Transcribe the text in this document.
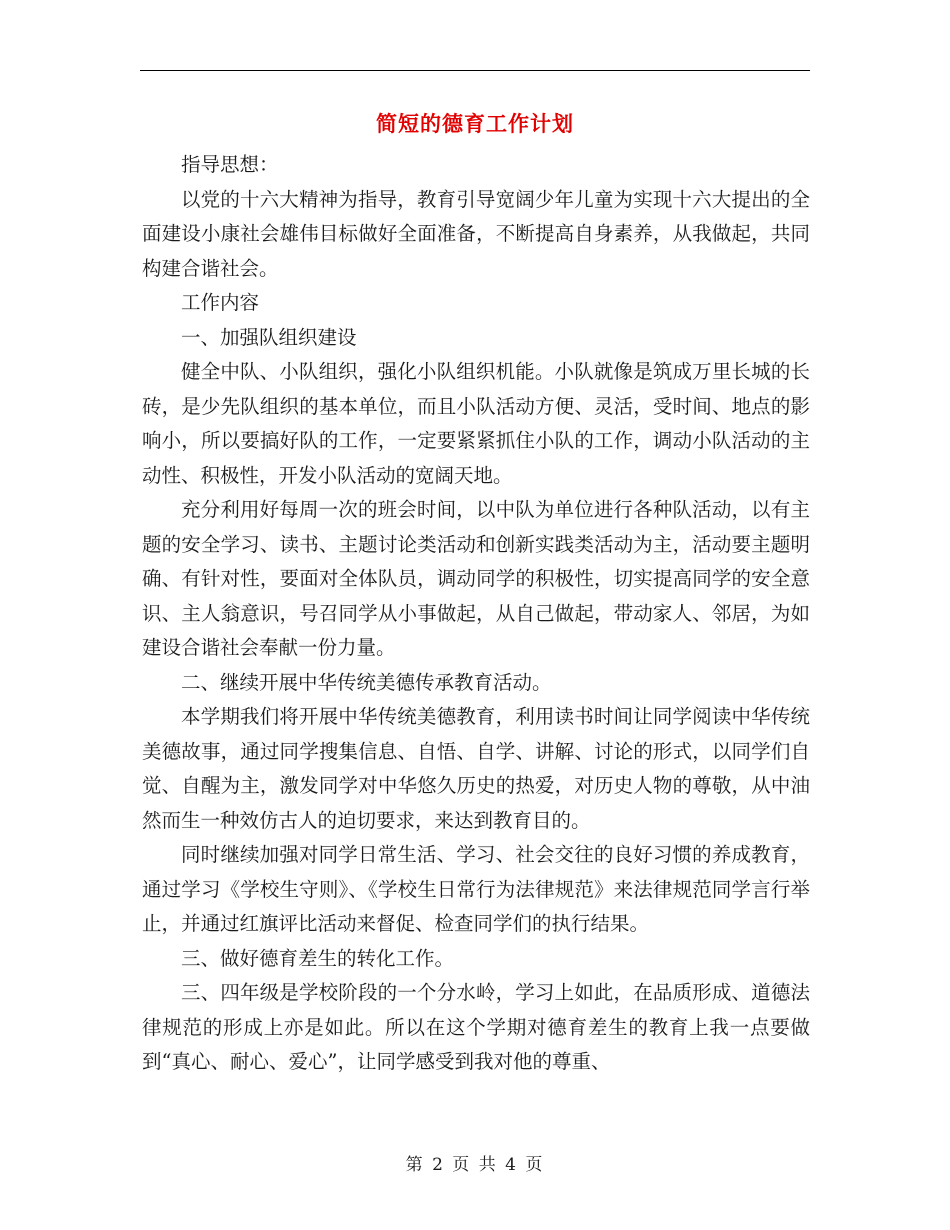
简短的德育工作计划

指导思想：

以党的十六大精神为指导，教育引导宽阔少年儿童为实现十六大提出的全面建设小康社会雄伟目标做好全面准备，不断提高自身素养，从我做起，共同构建合谐社会。

工作内容

一、加强队组织建设

健全中队、小队组织，强化小队组织机能。小队就像是筑成万里长城的长砖，是少先队组织的基本单位，而且小队活动方便、灵活，受时间、地点的影响小，所以要搞好队的工作，一定要紧紧抓住小队的工作，调动小队活动的主动性、积极性，开发小队活动的宽阔天地。

充分利用好每周一次的班会时间，以中队为单位进行各种队活动，以有主题的安全学习、读书、主题讨论类活动和创新实践类活动为主，活动要主题明确、有针对性，要面对全体队员，调动同学的积极性，切实提高同学的安全意识、主人翁意识，号召同学从小事做起，从自己做起，带动家人、邻居，为如建设合谐社会奉献一份力量。

二、继续开展中华传统美德传承教育活动。

本学期我们将开展中华传统美德教育，利用读书时间让同学阅读中华传统美德故事，通过同学搜集信息、自悟、自学、讲解、讨论的形式，以同学们自觉、自醒为主，激发同学对中华悠久历史的热爱，对历史人物的尊敬，从中油然而生一种效仿古人的迫切要求，来达到教育目的。

同时继续加强对同学日常生活、学习、社会交往的良好习惯的养成教育，通过学习《学校生守则》、《学校生日常行为法律规范》来法律规范同学言行举止，并通过红旗评比活动来督促、检查同学们的执行结果。

三、做好德育差生的转化工作。

三、四年级是学校阶段的一个分水岭，学习上如此，在品质形成、道德法律规范的形成上亦是如此。所以在这个学期对德育差生的教育上我一点要做到“真心、耐心、爱心”，让同学感受到我对他的尊重、

第 2 页 共 4 页
